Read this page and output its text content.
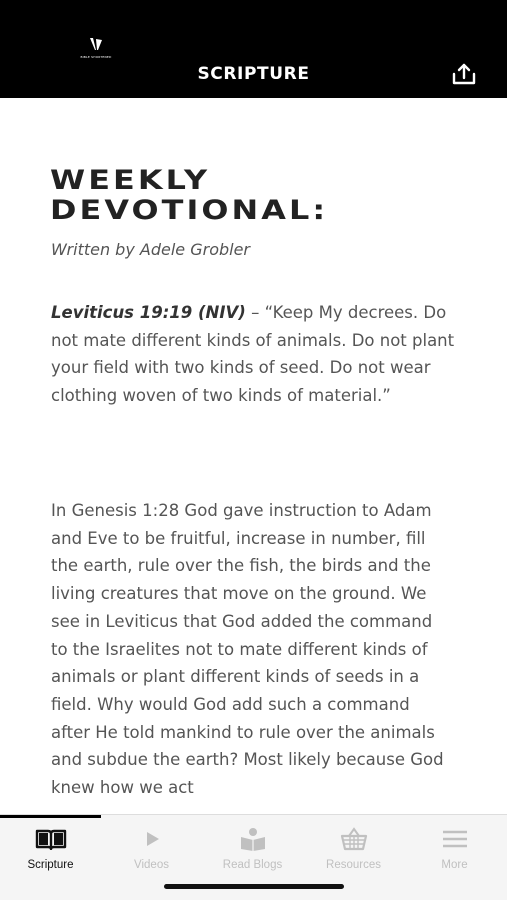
BIBLE SHORTENED
SCRIPTURE
WEEKLY
DEVOTIONAL:
Written by Adele Grobler
Leviticus 19:19 (NIV) – “Keep My decrees. Do not mate different kinds of animals. Do not plant your field with two kinds of seed. Do not wear clothing woven of two kinds of material.”
In Genesis 1:28 God gave instruction to Adam and Eve to be fruitful, increase in number, fill the earth, rule over the fish, the birds and the living creatures that move on the ground. We see in Leviticus that God added the command to the Israelites not to mate different kinds of animals or plant different kinds of seeds in a field. Why would God add such a command after He told mankind to rule over the animals and subdue the earth? Most likely because God knew how we act
Scripture	Videos	Read Blogs	Resources	More
